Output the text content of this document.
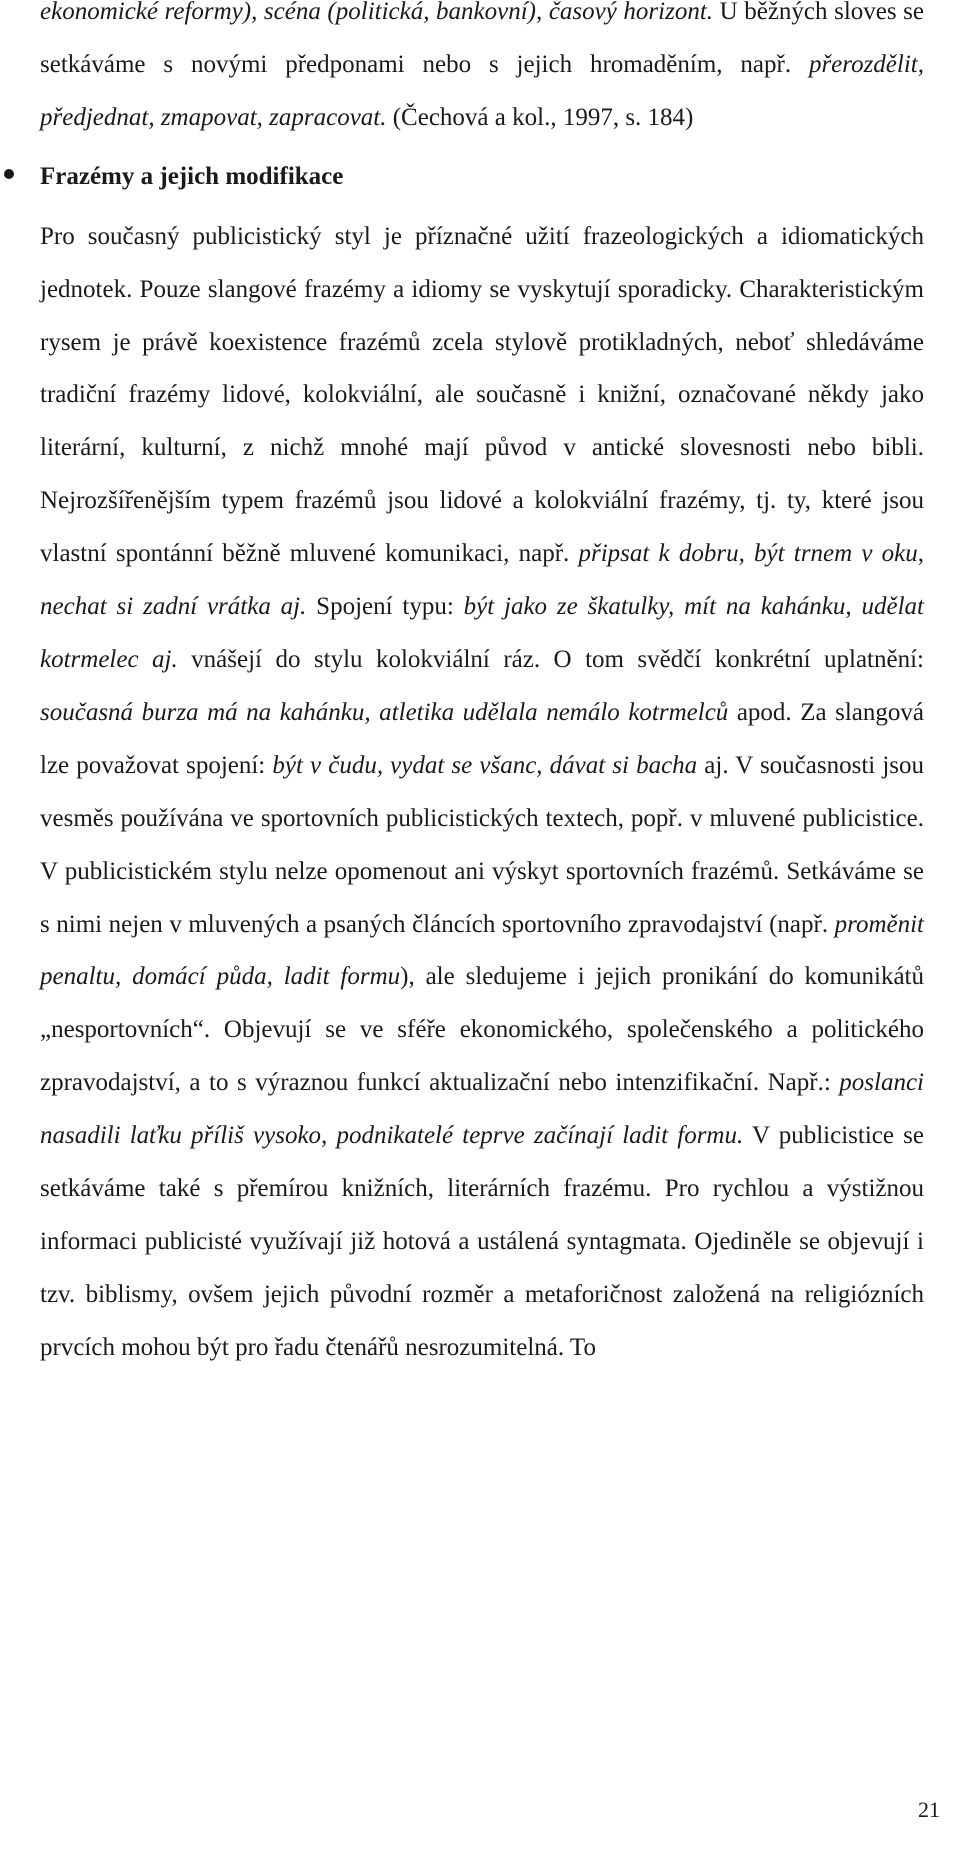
ekonomické reformy), scéna (politická, bankovní), časový horizont. U běžných sloves se setkáváme s novými předponami nebo s jejich hromaděním, např. přerozdělit, předjednat, zmapovat, zapracovat. (Čechová a kol., 1997, s. 184)

Frazémy a jejich modifikace

Pro současný publicistický styl je příznačné užití frazeologických a idiomatických jednotek. Pouze slangové frazémy a idiomy se vyskytují sporadicky. Charakteristickým rysem je právě koexistence frazémů zcela stylově protikladných, neboť shledáváme tradiční frazémy lidové, kolokviální, ale současně i knižní, označované někdy jako literární, kulturní, z nichž mnohé mají původ v antické slovesnosti nebo bibli. Nejrozšířenějším typem frazémů jsou lidové a kolokviální frazémy, tj. ty, které jsou vlastní spontánní běžně mluvené komunikaci, např. připsat k dobru, být trnem v oku, nechat si zadní vrátka aj. Spojení typu: být jako ze škatulky, mít na kahánku, udělat kotrmelec aj. vnášejí do stylu kolokviální ráz. O tom svědčí konkrétní uplatnění: současná burza má na kahánku, atletika udělala nemálo kotrmelců apod. Za slangová lze považovat spojení: být v čudu, vydat se všanc, dávat si bacha aj. V současnosti jsou vesměs používána ve sportovních publicistických textech, popř. v mluvené publicistice. V publicistickém stylu nelze opomenout ani výskyt sportovních frazémů. Setkáváme se s nimi nejen v mluvených a psaných článcích sportovního zpravodajství (např. proměnit penaltu, domácí půda, ladit formu), ale sledujeme i jejich pronikání do komunikátů „nesportovních“. Objevují se ve sféře ekonomického, společenského a politického zpravodajství, a to s výraznou funkcí aktualizační nebo intenzifikační. Např.: poslanci nasadili laťku příliš vysoko, podnikatelé teprve začínají ladit formu. V publicistice se setkáváme také s přemírou knižních, literárních frazému. Pro rychlou a výstižnou informaci publicisté využívají již hotová a ustálená syntagmata. Ojediněle se objevují i tzv. biblismy, ovšem jejich původní rozměr a metaforičnost založená na religiózních prvcích mohou být pro řadu čtenářů nesrozumitelná. To

21
